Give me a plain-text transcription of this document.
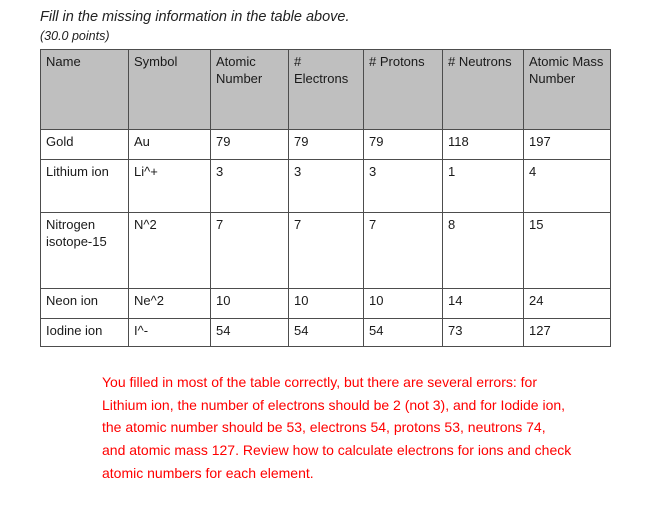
Fill in the missing information in the table above.

(30.0 points)

Name	Symbol	Atomic Number	# Electrons	# Protons	# Neutrons	Atomic Mass Number
Gold	Au	79	79	79	118	197
Lithium ion	Li^+	3	3	3	1	4
Nitrogen isotope-15	N^2	7	7	7	8	15
Neon ion	Ne^2	10	10	10	14	24
Iodine ion	I^-	54	54	54	73	127

You filled in most of the table correctly, but there are several errors: for Lithium ion, the number of electrons should be 2 (not 3), and for Iodide ion, the atomic number should be 53, electrons 54, protons 53, neutrons 74, and atomic mass 127. Review how to calculate electrons for ions and check atomic numbers for each element.
